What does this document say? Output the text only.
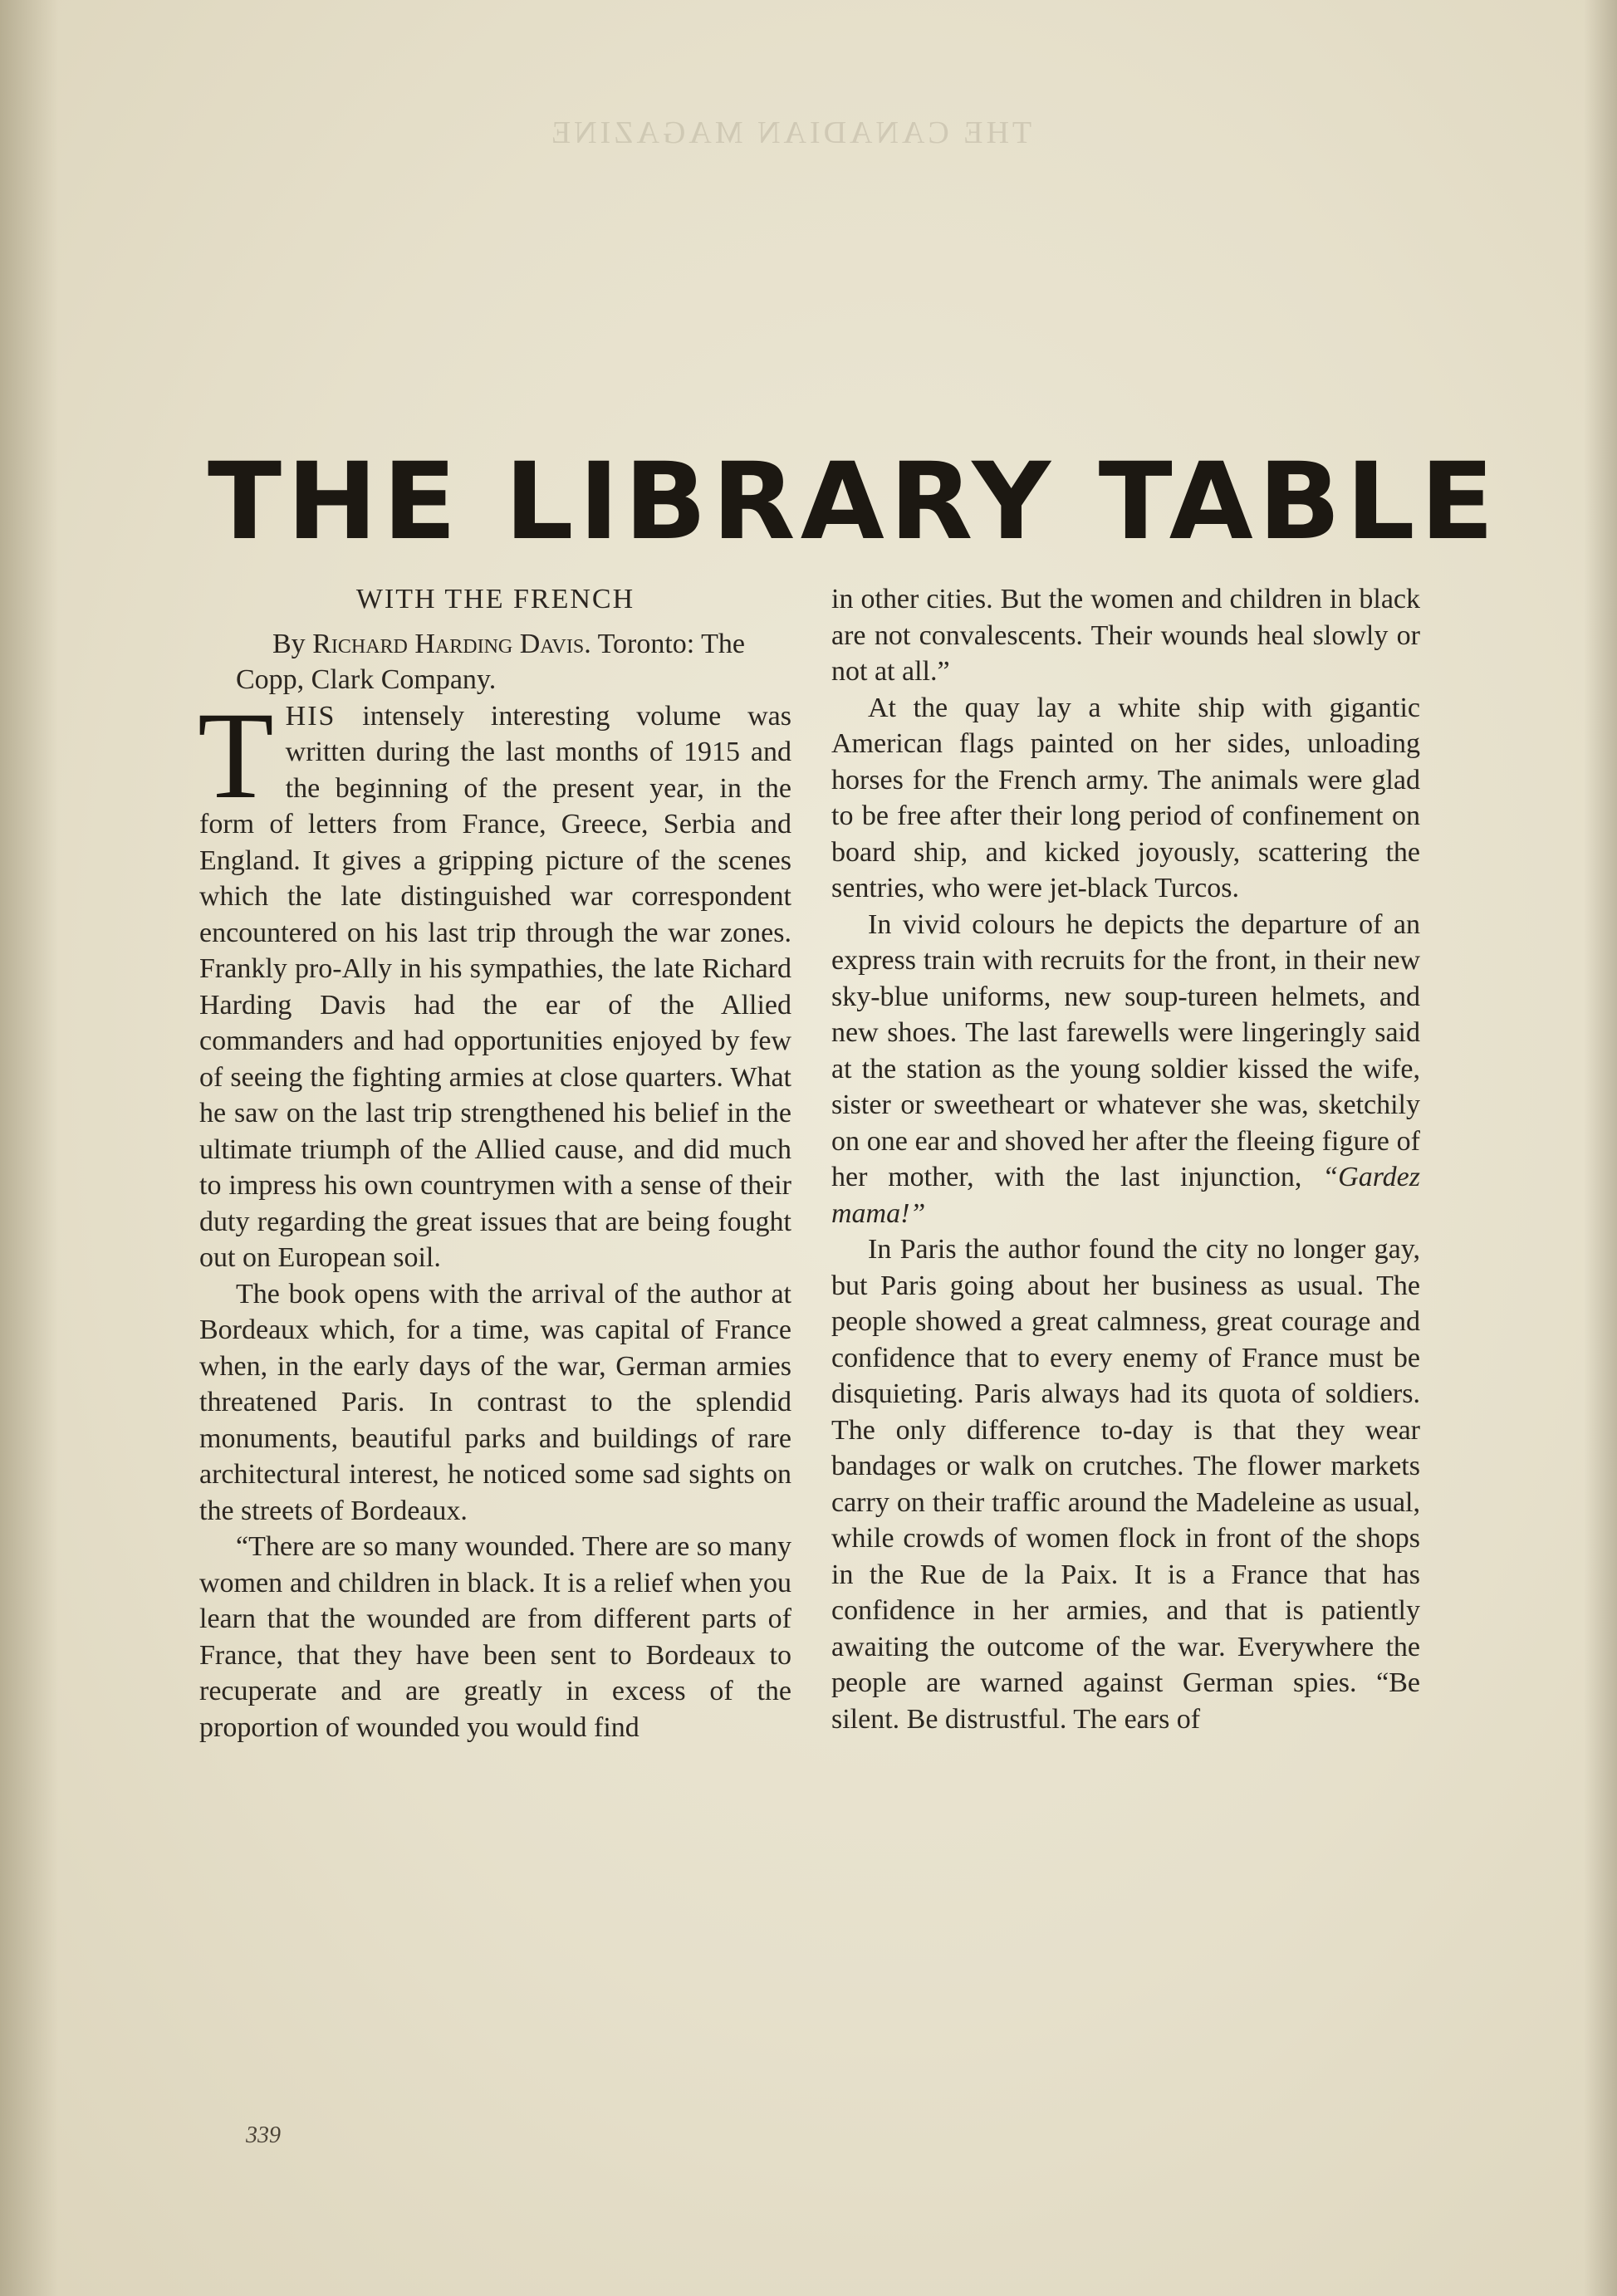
THE CANADIAN MAGAZINE
THE LIBRARY TABLE
WITH THE FRENCH

By Richard Harding Davis. Toronto: The Copp, Clark Company.

THIS intensely interesting volume was written during the last months of 1915 and the beginning of the present year, in the form of letters from France, Greece, Serbia and England. It gives a gripping picture of the scenes which the late distinguished war correspondent encountered on his last trip through the war zones. Frankly pro-Ally in his sympathies, the late Richard Harding Davis had the ear of the Allied commanders and had opportunities enjoyed by few of seeing the fighting armies at close quarters. What he saw on the last trip strengthened his belief in the ultimate triumph of the Allied cause, and did much to impress his own countrymen with a sense of their duty regarding the great issues that are being fought out on European soil.

The book opens with the arrival of the author at Bordeaux which, for a time, was capital of France when, in the early days of the war, German armies threatened Paris. In contrast to the splendid monuments, beautiful parks and buildings of rare architectural interest, he noticed some sad sights on the streets of Bordeaux.

“There are so many wounded. There are so many women and children in black. It is a relief when you learn that the wounded are from different parts of France, that they have been sent to Bordeaux to recuperate and are greatly in excess of the proportion of wounded you would find

in other cities. But the women and children in black are not convalescents. Their wounds heal slowly or not at all.”

At the quay lay a white ship with gigantic American flags painted on her sides, unloading horses for the French army. The animals were glad to be free after their long period of confinement on board ship, and kicked joyously, scattering the sentries, who were jet-black Turcos.

In vivid colours he depicts the departure of an express train with recruits for the front, in their new sky-blue uniforms, new soup-tureen helmets, and new shoes. The last farewells were lingeringly said at the station as the young soldier kissed the wife, sister or sweetheart or whatever she was, sketchily on one ear and shoved her after the fleeing figure of her mother, with the last injunction, “Gardez mama!”

In Paris the author found the city no longer gay, but Paris going about her business as usual. The people showed a great calmness, great courage and confidence that to every enemy of France must be disquieting. Paris always had its quota of soldiers. The only difference to-day is that they wear bandages or walk on crutches. The flower markets carry on their traffic around the Madeleine as usual, while crowds of women flock in front of the shops in the Rue de la Paix. It is a France that has confidence in her armies, and that is patiently awaiting the outcome of the war. Everywhere the people are warned against German spies. “Be silent. Be distrustful. The ears of

339
